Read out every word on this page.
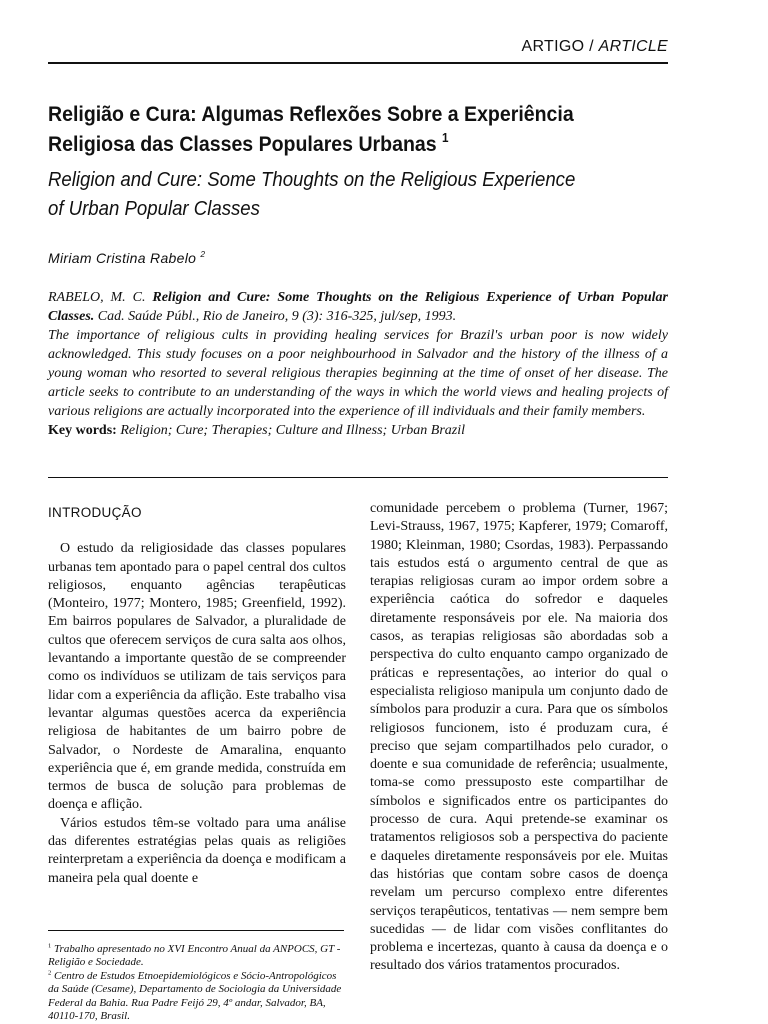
ARTIGO / ARTICLE
Religião e Cura: Algumas Reflexões Sobre a Experiência
Religiosa das Classes Populares Urbanas $^1$
Religion and Cure: Some Thoughts on the Religious Experience
of Urban Popular Classes
Miriam Cristina Rabelo $^2$

RABELO, M. C. Religion and Cure: Some Thoughts on the Religious Experience of Urban Popular Classes. Cad. Saúde Públ., Rio de Janeiro, 9 (3): 316-325, jul/sep, 1993.

The importance of religious cults in providing healing services for Brazil's urban poor is now widely acknowledged. This study focuses on a poor neighbourhood in Salvador and the history of the illness of a young woman who resorted to several religious therapies beginning at the time of onset of her disease. The article seeks to contribute to an understanding of the ways in which the world views and healing projects of various religions are actually incorporated into the experience of ill individuals and their family members.

Key words: Religion; Cure; Therapies; Culture and Illness; Urban Brazil

INTRODUÇÃO

O estudo da religiosidade das classes populares urbanas tem apontado para o papel central dos cultos religiosos, enquanto agências terapêuticas (Monteiro, 1977; Montero, 1985; Greenfield, 1992). Em bairros populares de Salvador, a pluralidade de cultos que oferecem serviços de cura salta aos olhos, levantando a importante questão de se compreender como os indivíduos se utilizam de tais serviços para lidar com a experiência da aflição. Este trabalho visa levantar algumas questões acerca da experiência religiosa de habitantes de um bairro pobre de Salvador, o Nordeste de Amaralina, enquanto experiência que é, em grande medida, construída em termos de busca de solução para problemas de doença e aflição.

Vários estudos têm-se voltado para uma análise das diferentes estratégias pelas quais as religiões reinterpretam a experiência da doença e modificam a maneira pela qual doente e

comunidade percebem o problema (Turner, 1967; Levi-Strauss, 1967, 1975; Kapferer, 1979; Comaroff, 1980; Kleinman, 1980; Csordas, 1983). Perpassando tais estudos está o argumento central de que as terapias religiosas curam ao impor ordem sobre a experiência caótica do sofredor e daqueles diretamente responsáveis por ele. Na maioria dos casos, as terapias religiosas são abordadas sob a perspectiva do culto enquanto campo organizado de práticas e representações, ao interior do qual o especialista religioso manipula um conjunto dado de símbolos para produzir a cura. Para que os símbolos religiosos funcionem, isto é produzam cura, é preciso que sejam compartilhados pelo curador, o doente e sua comunidade de referência; usualmente, toma-se como pressuposto este compartilhar de símbolos e significados entre os participantes do processo de cura. Aqui pretende-se examinar os tratamentos religiosos sob a perspectiva do paciente e daqueles diretamente responsáveis por ele. Muitas das histórias que contam sobre casos de doença revelam um percurso complexo entre diferentes serviços terapêuticos, tentativas — nem sempre bem sucedidas — de lidar com visões conflitantes do problema e incertezas, quanto à causa da doença e o resultado dos vários tratamentos procurados.

$^1$ Trabalho apresentado no XVI Encontro Anual da ANPOCS, GT - Religião e Sociedade.

$^2$ Centro de Estudos Etnoepidemiológicos e Sócio-Antropológicos da Saúde (Cesame), Departamento de Sociologia da Universidade Federal da Bahia. Rua Padre Feijó 29, 4º andar, Salvador, BA, 40110-170, Brasil.
